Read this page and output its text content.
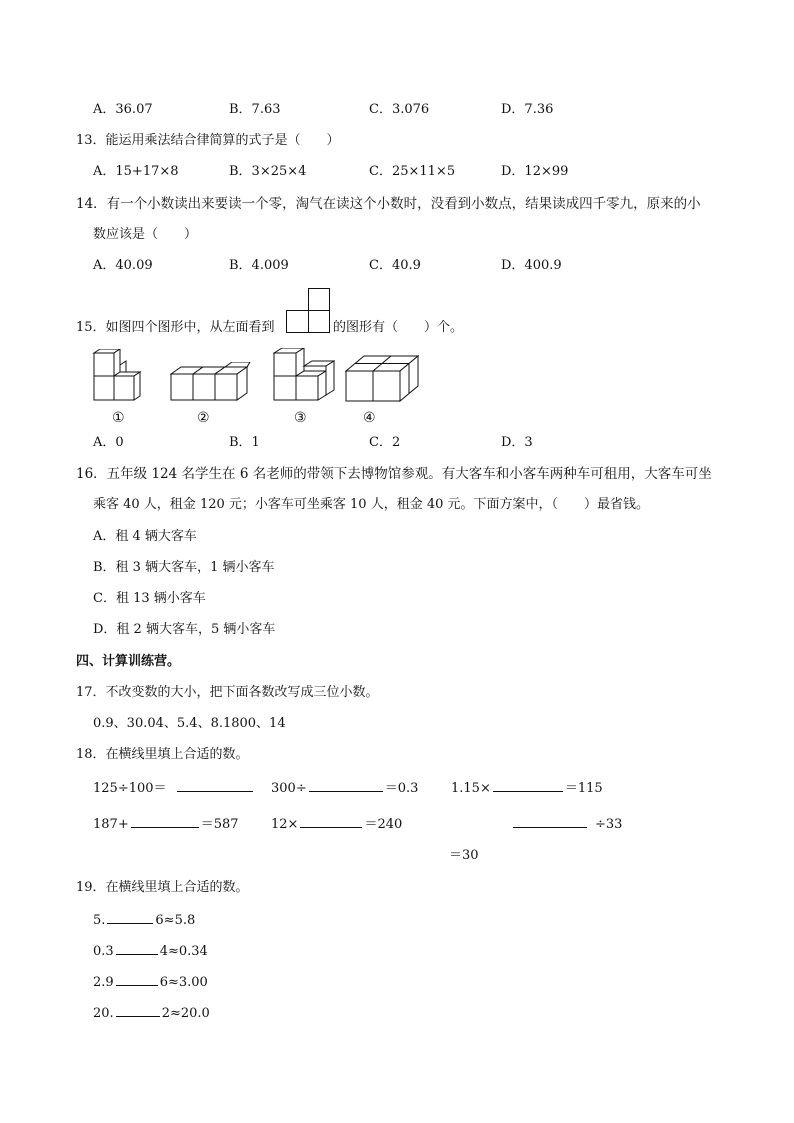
A．36.07	B．7.63	C．3.076	D．7.36
13．能运用乘法结合律简算的式子是（　　）
A．15+17×8	B．3×25×4	C．25×11×5	D．12×99
14．有一个小数读出来要读一个零，淘气在读这个小数时，没看到小数点，结果读成四千零九，原来的小
数应该是（　　）
A．40.09	B．4.009	C．40.9	D．400.9
15．如图四个图形中，从左面看到	的图形有（　　）个。
①	②	③	④
A．0	B．1	C．2	D．3
16．五年级 124 名学生在 6 名老师的带领下去博物馆参观。有大客车和小客车两种车可租用，大客车可坐
乘客 40 人，租金 120 元；小客车可坐乘客 10 人，租金 40 元。下面方案中，（　　）最省钱。
A．租 4 辆大客车
B．租 3 辆大客车，1 辆小客车
C．租 13 辆小客车
D．租 2 辆大客车，5 辆小客车
四、计算训练营。
17．不改变数的大小，把下面各数改写成三位小数。
0.9、30.04、5.4、8.1800、14
18．在横线里填上合适的数。
125÷100＝	300÷	＝0.3	1.15×	＝115
187+	＝587 12×	＝240	÷33
＝30
19．在横线里填上合适的数。
5.	6≈5.8
0.3	4≈0.34
2.9	6≈3.00
20.	2≈20.0
